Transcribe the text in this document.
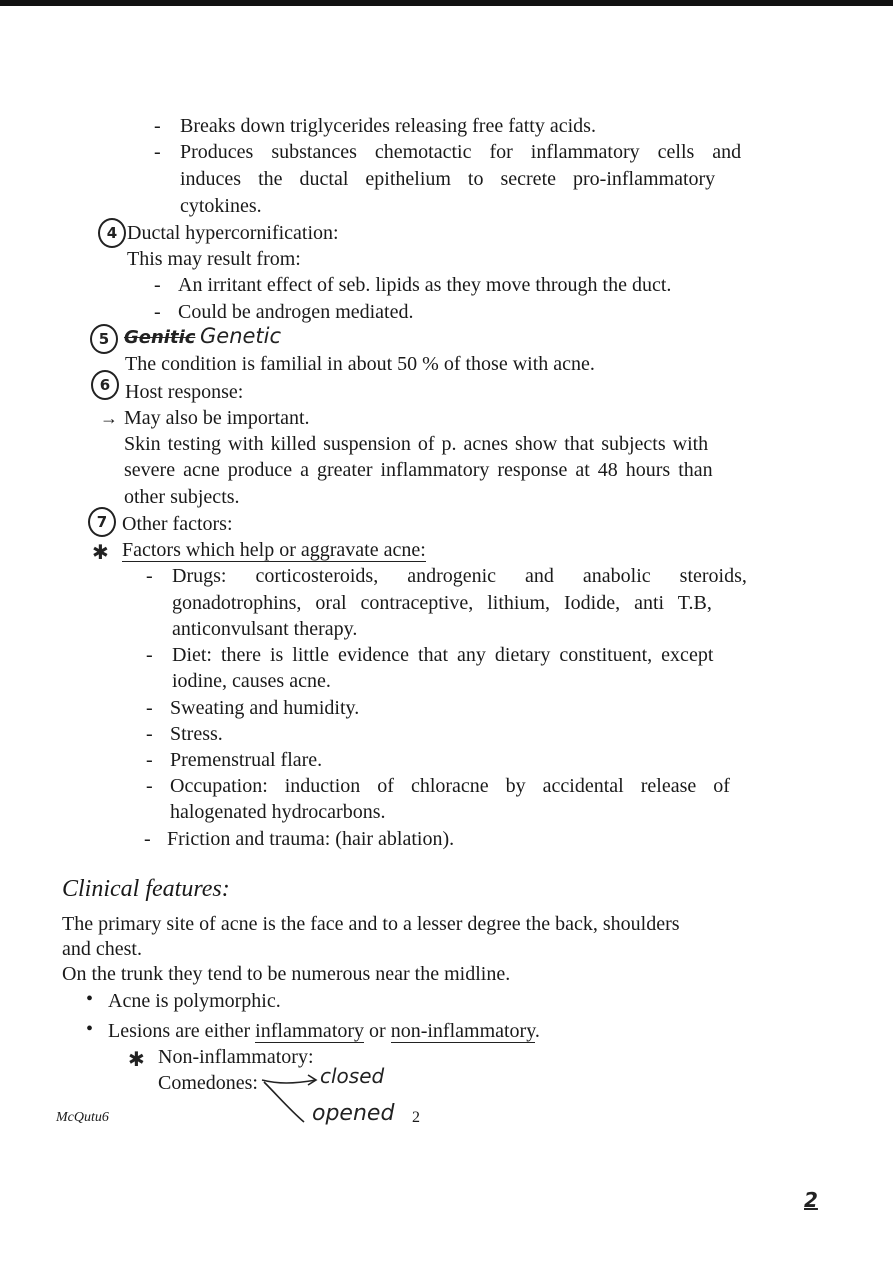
- Breaks down triglycerides releasing free fatty acids.
- Produces substances chemotactic for inflammatory cells and
induces the ductal epithelium to secrete pro-inflammatory
cytokines.
4 Ductal hypercornification:
This may result from:
- An irritant effect of seb. lipids as they move through the duct.
- Could be androgen mediated.
5 Genitic Genetic
The condition is familial in about 50 % of those with acne.
6 Host response:
→ May also be important.
Skin testing with killed suspension of p. acnes show that subjects with
severe acne produce a greater inflammatory response at 48 hours than
other subjects.
7 Other factors:
✱ Factors which help or aggravate acne:
- Drugs: corticosteroids, androgenic and anabolic steroids,
gonadotrophins, oral contraceptive, lithium, Iodide, anti T.B,
anticonvulsant therapy.
- Diet: there is little evidence that any dietary constituent, except
iodine, causes acne.
- Sweating and humidity.
- Stress.
- Premenstrual flare.
- Occupation: induction of chloracne by accidental release of
halogenated hydrocarbons.
- Friction and trauma: (hair ablation).
Clinical features:
The primary site of acne is the face and to a lesser degree the back, shoulders
and chest.
On the trunk they tend to be numerous near the midline.
• Acne is polymorphic.
• Lesions are either inflammatory or non-inflammatory.
✱ Non-inflammatory:
Comedones:	closed
opened
McQutu6	2
2
